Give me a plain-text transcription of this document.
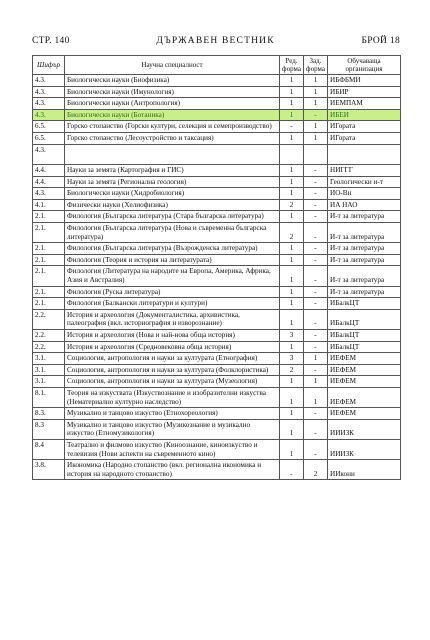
СТР. 140	ДЪРЖАВЕН ВЕСТНИК	БРОЙ 18
Шифър	Научна специалност	Ред. форма	Зад. форма	Обучаваща организация
4.3.	Биологически науки (Биофизика)	1	1	ИБФБМИ
4.3.	Биологически науки (Имунология)	1	1	ИБИР
4.3.	Биологически науки (Антропология)	1	1	ИЕМПАМ
4.3.	Биологически науки (Ботаника)	1	-	ИБЕИ
6.5.	Горско стопанство (Горски култури, селекция и семепроизводство)	-	1	ИГората
6.5.	Горско стопанство (Лесоустройство и таксация)	1	1	ИГората
4.3.				
4.4.	Науки за земята (Картография и ГИС)	1	-	НИГГГ
4.4.	Науки за земята (Регионална геология)	1	-	Геологически и-т
4.3.	Биологически науки (Хидробиология)	1	-	ИО-Вн
4.1.	Физически науки (Хелиофизика)	2	-	ИА НАО
2.1.	Филология (Българска литература (Стара българска литература)	1	-	И-т за литература
2.1.	Филология (Българска литература (Нова и съвременна българска литература)	2	-	И-т за литература
2.1.	Филология (Българска литература (Възрожденска литература)	1	-	И-т за литература
2.1.	Филология (Теория и история на литературата)	1	-	И-т за литература
2.1.	Филология (Литература на народите на Европа, Америка, Африка, Азия и Австралия)	1	-	И-т за литература
2.1.	Филология (Руска литература)	1	-	И-т за литература
2.1.	Филология (Балкански литератури и култури)	1	-	ИБалкЦТ
2.2.	История и археология (Документалистика, архивистика, палеография (вкл. историография и изворознание)	1	-	ИБалкЦТ
2.2.	История и археология (Нова и най-нова обща история)	3	-	ИБалкЦТ
2.2.	История и археология (Средновековна обща история)	1	-	ИБалкЦТ
3.1.	Социология, антропология и науки за културата (Етнография)	3	1	ИЕФЕМ
3.1.	Социология, антропология и науки за културата (Фолклористика)	2	-	ИЕФЕМ
3.1.	Социология, антропология и науки за културата (Музеология)	1	1	ИЕФЕМ
8.1.	Теория на изкуствата (Изкуствознание и изобразителни изкуства (Нематериално културно наследство)	1	1	ИЕФЕМ
8.3.	Музикално и танцово изкуство (Етнохореология)	1	-	ИЕФЕМ
8.3	Музикално и танцово изкуство (Музикознание и музикално изкуство (Етномузикология)	1	-	ИИИЗК
8.4	Театрално и филмово изкуство (Киноознание, киноизкуство и телевизия (Нови аспекти на съвременното кино)	1	-	ИИИЗК
3.8.	Икономика (Народно стопанство (вкл. регионална икономика и история на народното стопанство)	-	2	ИИкони
